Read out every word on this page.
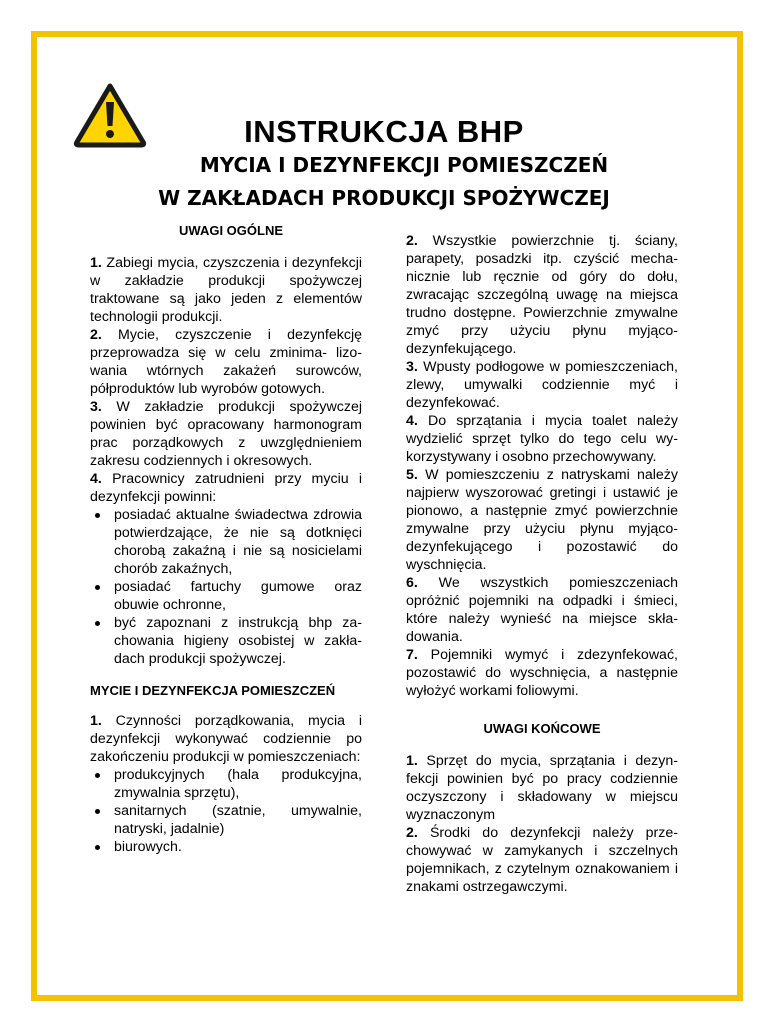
INSTRUKCJA BHP
MYCIA I DEZYNFEKCJI POMIESZCZEŃ
W ZAKŁADACH PRODUKCJI SPOŻYWCZEJ

UWAGI OGÓLNE

1. Zabiegi mycia, czyszczenia i dezynfekcji w zakładzie produkcji spożywczej traktowane są jako jeden z elementów technologii produkcji.

2. Mycie, czyszczenie i dezynfekcję przeprowadza się w celu zminima- lizowania wtórnych zakażeń surowców, półproduktów lub wyrobów gotowych.

3. W zakładzie produkcji spożywczej powinien być opracowany harmonogram prac porządkowych z uwzględnieniem zakresu codziennych i okresowych.

4. Pracownicy zatrudnieni przy myciu i dezynfekcji powinni:

posiadać aktualne świadectwa zdrowia potwierdzające, że nie są dotknięci chorobą zakaźną i nie są nosicielami chorób zakaźnych,
posiadać fartuchy gumowe oraz obuwie ochronne,
być zapoznani z instrukcją bhp zachowania higieny osobistej w zakładach produkcji spożywczej.

MYCIE I DEZYNFEKCJA POMIESZCZEŃ

1. Czynności porządkowania, mycia i dezynfekcji wykonywać codziennie po zakończeniu produkcji w pomieszczeniach:

produkcyjnych (hala produkcyjna, zmywalnia sprzętu),
sanitarnych (szatnie, umywalnie, natryski, jadalnie)
biurowych.

2. Wszystkie powierzchnie tj. ściany, parapety, posadzki itp. czyścić mechanicznie lub ręcznie od góry do dołu, zwracając szczególną uwagę na miejsca trudno dostępne. Powierzchnie zmywalne zmyć przy użyciu płynu myjąco-dezynfekującego.

3. Wpusty podłogowe w pomieszczeniach, zlewy, umywalki codziennie myć i dezynfekować.

4. Do sprzątania i mycia toalet należy wydzielić sprzęt tylko do tego celu wykorzystywany i osobno przechowywany.

5. W pomieszczeniu z natryskami należy najpierw wyszorować gretingi i ustawić je pionowo, a następnie zmyć powierzchnie zmywalne przy użyciu płynu myjąco-dezynfekującego i pozostawić do wyschnięcia.

6. We wszystkich pomieszczeniach opróżnić pojemniki na odpadki i śmieci, które należy wynieść na miejsce składowania.

7. Pojemniki wymyć i zdezynfekować, pozostawić do wyschnięcia, a następnie wyłożyć workami foliowymi.

UWAGI KOŃCOWE

1. Sprzęt do mycia, sprzątania i dezynfekcji powinien być po pracy codziennie oczyszczony i składowany w miejscu wyznaczonym

2. Środki do dezynfekcji należy przechowywać w zamykanych i szczelnych pojemnikach, z czytelnym oznakowaniem i znakami ostrzegawczymi.
